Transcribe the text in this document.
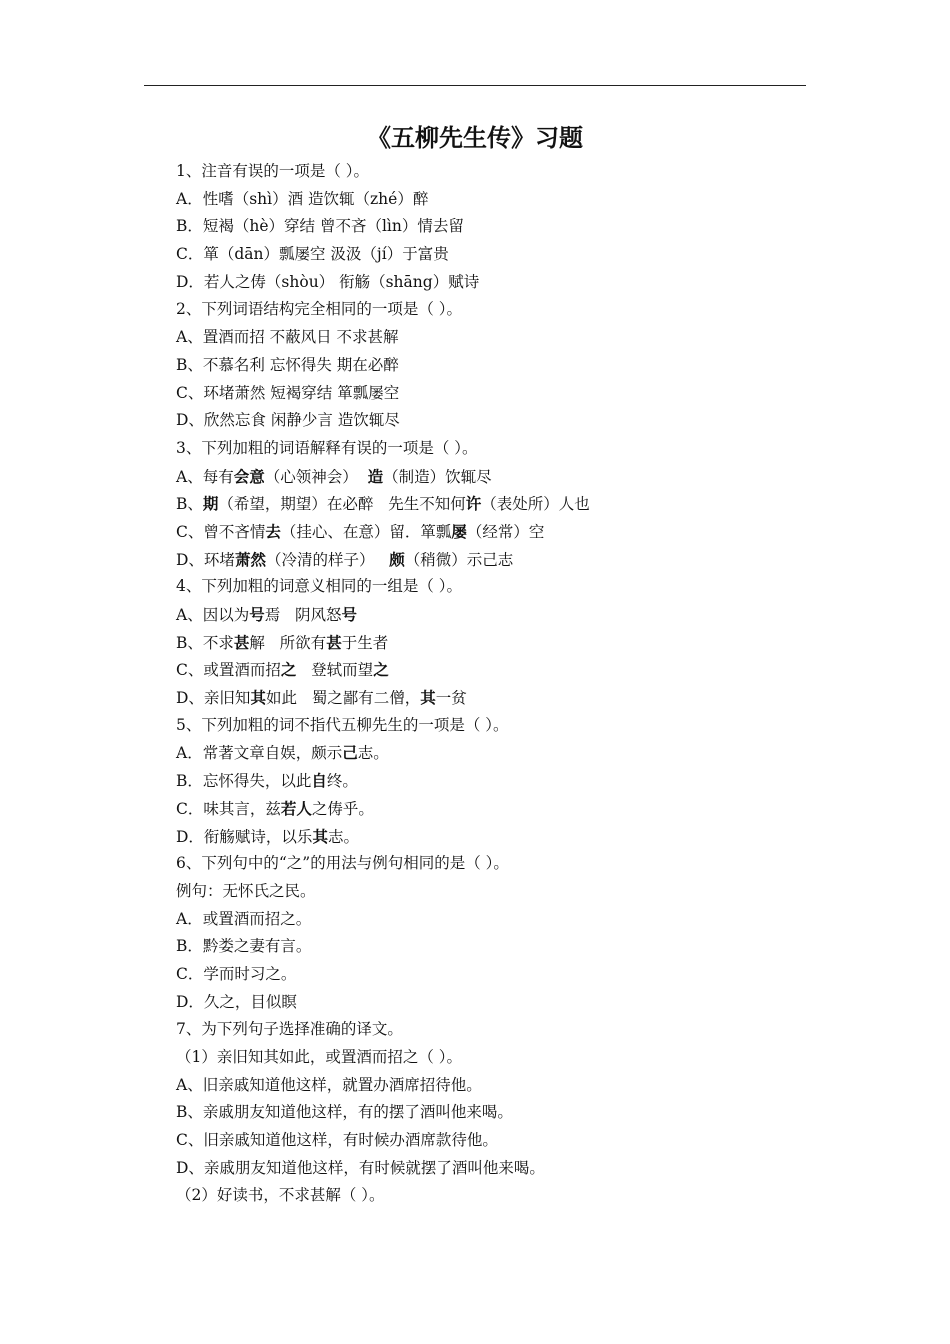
《五柳先生传》习题
1、注音有误的一项是（ ）。
A．性嗜（shì）酒 造饮辄（zhé）醉
B．短褐（hè）穿结 曾不吝（lìn）情去留
C．箪（dān）瓢屡空 汲汲（jí）于富贵
D．若人之俦（shòu） 衔觞（shāng）赋诗
2、下列词语结构完全相同的一项是（ ）。
A、置酒而招 不蔽风日 不求甚解
B、不慕名利 忘怀得失 期在必醉
C、环堵萧然 短褐穿结 箪瓢屡空
D、欣然忘食 闲静少言 造饮辄尽
3、下列加粗的词语解释有误的一项是（ ）。
A、每有会意（心领神会）  造（制造）饮辄尽
B、期（希望，期望）在必醉   先生不知何许（表处所）人也
C、曾不吝情去（挂心、在意）留．箪瓢屡（经常）空
D、环堵萧然（冷清的样子）   颇（稍微）示己志
4、下列加粗的词意义相同的一组是（ ）。
A、因以为号焉   阴风怒号
B、不求甚解   所欲有甚于生者
C、或置酒而招之   登轼而望之
D、亲旧知其如此   蜀之鄙有二僧，其一贫
5、下列加粗的词不指代五柳先生的一项是（ ）。
A．常著文章自娱，颇示己志。
B．忘怀得失，以此自终。
C．味其言，兹若人之俦乎。
D．衔觞赋诗，以乐其志。
6、下列句中的“之”的用法与例句相同的是（ ）。
例句：无怀氏之民。
A．或置酒而招之。
B．黔娄之妻有言。
C．学而时习之。
D．久之，目似瞑
7、为下列句子选择准确的译文。
（1）亲旧知其如此，或置酒而招之（ ）。
A、旧亲戚知道他这样，就置办酒席招待他。
B、亲戚朋友知道他这样，有的摆了酒叫他来喝。
C、旧亲戚知道他这样，有时候办酒席款待他。
D、亲戚朋友知道他这样，有时候就摆了酒叫他来喝。
（2）好读书，不求甚解（ ）。
